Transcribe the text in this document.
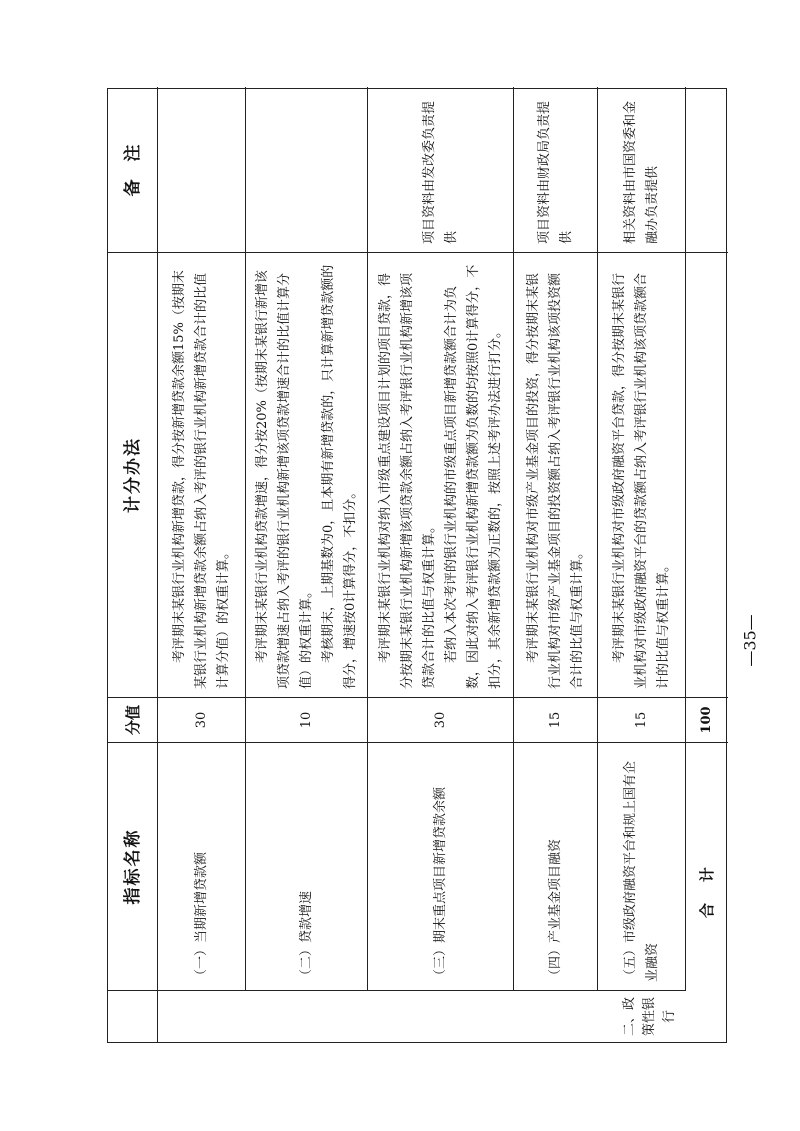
指标名称
分值
计分办法
备  注
二、政策性银行
（一）当期新增贷款额
30

考评期末某银行业机构新增贷款，得分按新增贷款余额15%（按期末某银行业机构新增贷款余额占纳入考评的银行业机构新增贷款合计的比值计算分值）的权重计算。

（二）贷款增速
10

考评期末某银行业机构贷款增速，得分按20%（按期末某银行新增该项贷款增速占纳入考评的银行业机构新增该项贷款增速合计的比值计算分值）的权重计算。 考核期末，上期基数为0，且本期有新增贷款的，只计算新增贷款额的得分，增速按0计算得分，不扣分。

（三）期末重点项目新增贷款余额
30

考评期末某银行业机构对纳入市级重点建设项目计划的项目贷款，得分按期末某银行业机构新增该项贷款余额占纳入考评银行业机构新增该项贷款合计的比值与权重计算。 若纳入本次考评的银行业机构的市级重点项目新增贷款额合计为负数，因此对纳入考评银行业机构新增贷款额为负数的均按照0计算得分，不扣分，其余新增贷款额为正数的，按照上述考评办法进行打分。

项目资料由发改委负责提供
（四）产业基金项目融资
15

考评期末某银行业机构对市级产业基金项目的投资，得分按期末某银行业机构对市级产业基金项目的投资额占纳入考评银行业机构该项投资额合计的比值与权重计算。

项目资料由财政局负责提供
（五）市级政府融资平台和规上国有企业融资
15

考评期末某银行业机构对市级政府融资平台贷款，得分按期末某银行业机构对市级政府融资平台的贷款额占纳入考评银行业机构该项贷款额合计的比值与权重计算。

相关资料由市国资委和金融办负责提供
合    计
100
—35—
